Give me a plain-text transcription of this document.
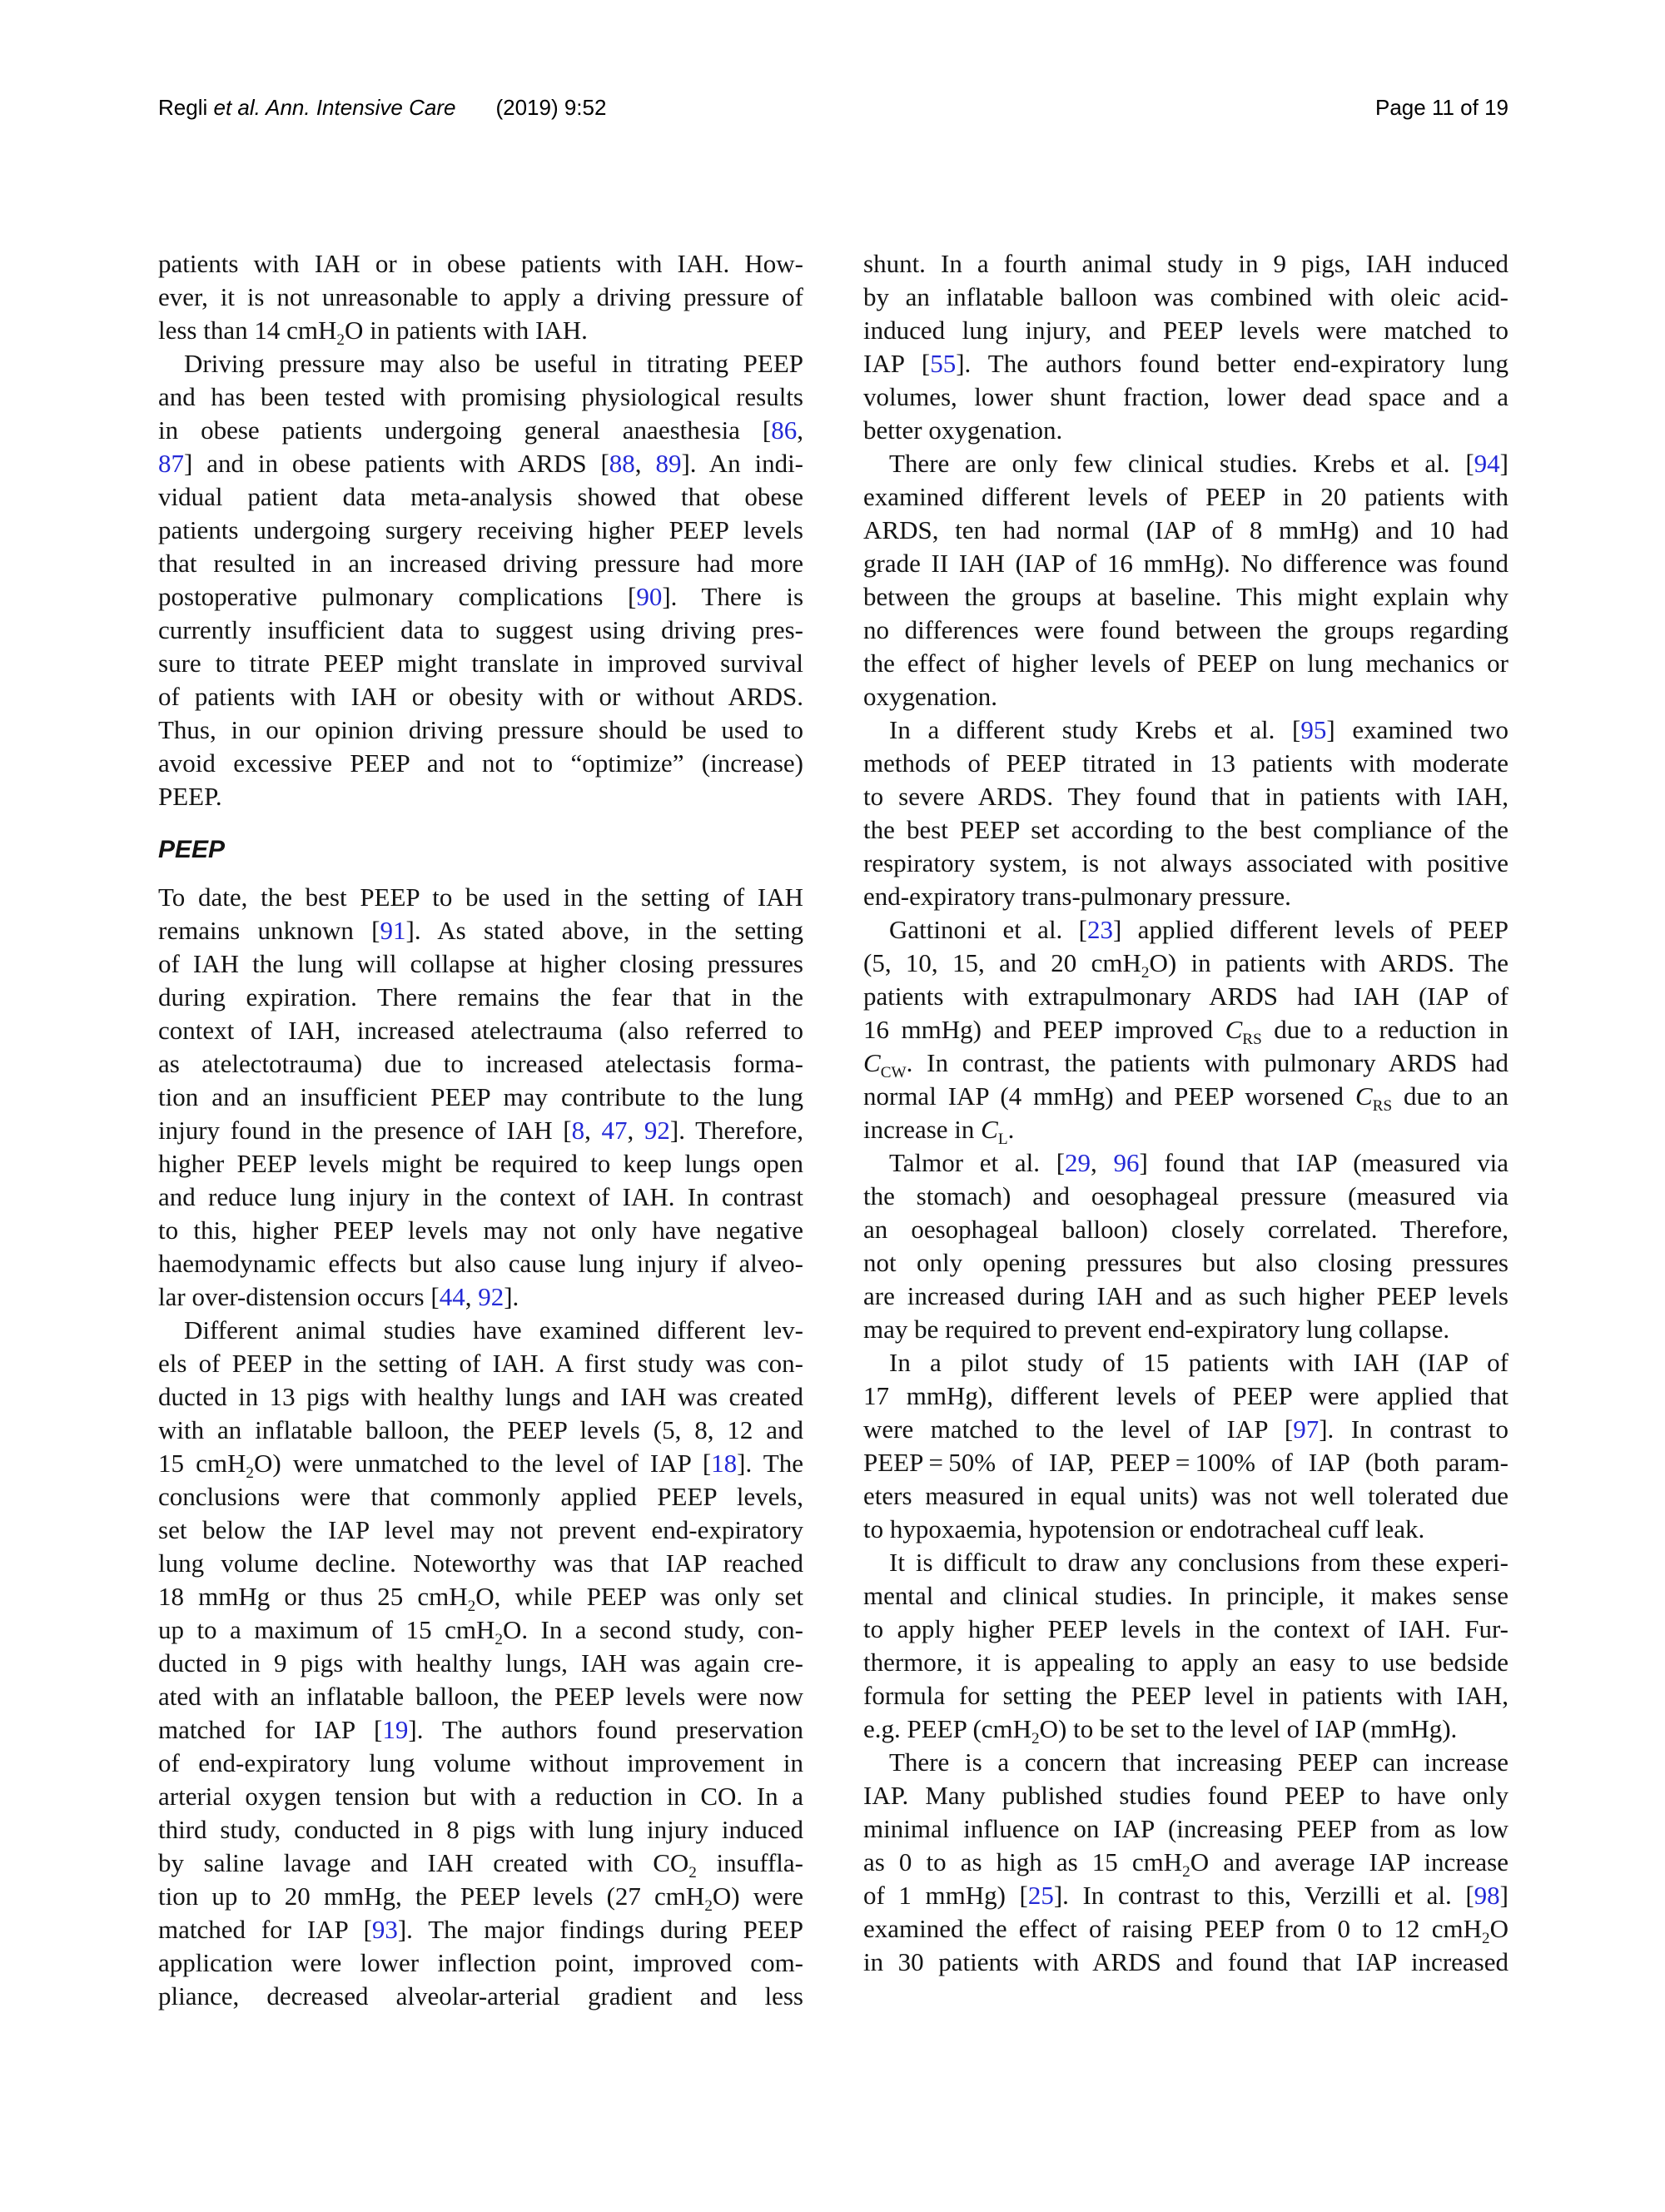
Regli et al. Ann. Intensive Care (2019) 9:52	Page 11 of 19
patients with IAH or in obese patients with IAH. How-
ever, it is not unreasonable to apply a driving pressure of
less than 14 cmH$_2$O in patients with IAH.
Driving pressure may also be useful in titrating PEEP
and has been tested with promising physiological results
in obese patients undergoing general anaesthesia [86,
87] and in obese patients with ARDS [88, 89]. An indi-
vidual patient data meta-analysis showed that obese
patients undergoing surgery receiving higher PEEP levels
that resulted in an increased driving pressure had more
postoperative pulmonary complications [90]. There is
currently insufficient data to suggest using driving pres-
sure to titrate PEEP might translate in improved survival
of patients with IAH or obesity with or without ARDS.
Thus, in our opinion driving pressure should be used to
avoid excessive PEEP and not to “optimize” (increase)
PEEP.
PEEP
To date, the best PEEP to be used in the setting of IAH
remains unknown [91]. As stated above, in the setting
of IAH the lung will collapse at higher closing pressures
during expiration. There remains the fear that in the
context of IAH, increased atelectrauma (also referred to
as atelectotrauma) due to increased atelectasis forma-
tion and an insufficient PEEP may contribute to the lung
injury found in the presence of IAH [8, 47, 92]. Therefore,
higher PEEP levels might be required to keep lungs open
and reduce lung injury in the context of IAH. In contrast
to this, higher PEEP levels may not only have negative
haemodynamic effects but also cause lung injury if alveo-
lar over-distension occurs [44, 92].
Different animal studies have examined different lev-
els of PEEP in the setting of IAH. A first study was con-
ducted in 13 pigs with healthy lungs and IAH was created
with an inflatable balloon, the PEEP levels (5, 8, 12 and
15 cmH$_2$O) were unmatched to the level of IAP [18]. The
conclusions were that commonly applied PEEP levels,
set below the IAP level may not prevent end-expiratory
lung volume decline. Noteworthy was that IAP reached
18 mmHg or thus 25 cmH$_2$O, while PEEP was only set
up to a maximum of 15 cmH$_2$O. In a second study, con-
ducted in 9 pigs with healthy lungs, IAH was again cre-
ated with an inflatable balloon, the PEEP levels were now
matched for IAP [19]. The authors found preservation
of end-expiratory lung volume without improvement in
arterial oxygen tension but with a reduction in CO. In a
third study, conducted in 8 pigs with lung injury induced
by saline lavage and IAH created with $CO_2$ insuffla-
tion up to 20 mmHg, the PEEP levels (27 cmH$_2$O) were
matched for IAP [93]. The major findings during PEEP
application were lower inflection point, improved com-
pliance, decreased alveolar-arterial gradient and less
shunt. In a fourth animal study in 9 pigs, IAH induced
by an inflatable balloon was combined with oleic acid-
induced lung injury, and PEEP levels were matched to
IAP [55]. The authors found better end-expiratory lung
volumes, lower shunt fraction, lower dead space and a
better oxygenation.
There are only few clinical studies. Krebs et al. [94]
examined different levels of PEEP in 20 patients with
ARDS, ten had normal (IAP of 8 mmHg) and 10 had
grade II IAH (IAP of 16 mmHg). No difference was found
between the groups at baseline. This might explain why
no differences were found between the groups regarding
the effect of higher levels of PEEP on lung mechanics or
oxygenation.
In a different study Krebs et al. [95] examined two
methods of PEEP titrated in 13 patients with moderate
to severe ARDS. They found that in patients with IAH,
the best PEEP set according to the best compliance of the
respiratory system, is not always associated with positive
end-expiratory trans-pulmonary pressure.
Gattinoni et al. [23] applied different levels of PEEP
(5, 10, 15, and 20 cmH$_2$O) in patients with ARDS. The
patients with extrapulmonary ARDS had IAH (IAP of
16 mmHg) and PEEP improved $C_{RS}$ due to a reduction in
$C_{CW}$. In contrast, the patients with pulmonary ARDS had
normal IAP (4 mmHg) and PEEP worsened $C_{RS}$ due to an
increase in $C_L$.
Talmor et al. [29, 96] found that IAP (measured via
the stomach) and oesophageal pressure (measured via
an oesophageal balloon) closely correlated. Therefore,
not only opening pressures but also closing pressures
are increased during IAH and as such higher PEEP levels
may be required to prevent end-expiratory lung collapse.
In a pilot study of 15 patients with IAH (IAP of
17 mmHg), different levels of PEEP were applied that
were matched to the level of IAP [97]. In contrast to
PEEP = 50% of IAP, PEEP = 100% of IAP (both param-
eters measured in equal units) was not well tolerated due
to hypoxaemia, hypotension or endotracheal cuff leak.
It is difficult to draw any conclusions from these experi-
mental and clinical studies. In principle, it makes sense
to apply higher PEEP levels in the context of IAH. Fur-
thermore, it is appealing to apply an easy to use bedside
formula for setting the PEEP level in patients with IAH,
e.g. PEEP (cmH$_2$O) to be set to the level of IAP (mmHg).
There is a concern that increasing PEEP can increase
IAP. Many published studies found PEEP to have only
minimal influence on IAP (increasing PEEP from as low
as 0 to as high as 15 cmH$_2$O and average IAP increase
of 1 mmHg) [25]. In contrast to this, Verzilli et al. [98]
examined the effect of raising PEEP from 0 to 12 cmH$_2$O
in 30 patients with ARDS and found that IAP increased
